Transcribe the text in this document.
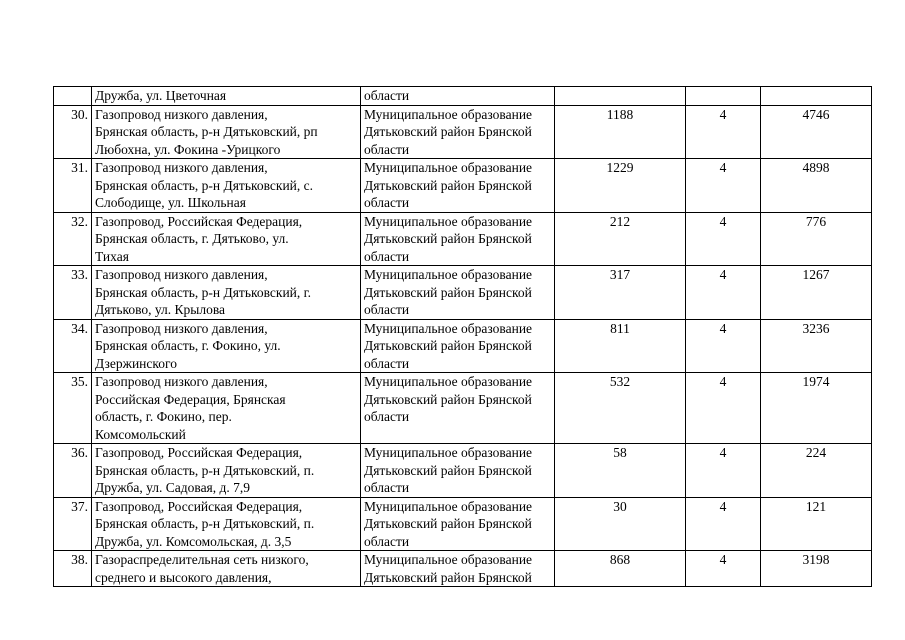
	Дружба, ул. Цветочная	области			

30.	Газопровод низкого давления,
Брянская область, р-н Дятьковский, рп
Любохна, ул. Фокина -Урицкого	Муниципальное образование
Дятьковский район Брянской
области	1188	4	4746
31.	Газопровод низкого давления,
Брянская область, р-н Дятьковский, с.
Слободище, ул. Школьная	Муниципальное образование
Дятьковский район Брянской
области	1229	4	4898
32.	Газопровод, Российская Федерация,
Брянская область, г. Дятьково, ул.
Тихая	Муниципальное образование
Дятьковский район Брянской
области	212	4	776
33.	Газопровод низкого давления,
Брянская область, р-н Дятьковский, г.
Дятьково, ул. Крылова	Муниципальное образование
Дятьковский район Брянской
области	317	4	1267
34.	Газопровод низкого давления,
Брянская область, г. Фокино, ул.
Дзержинского	Муниципальное образование
Дятьковский район Брянской
области	811	4	3236
35.	Газопровод низкого давления,
Российская Федерация, Брянская
область, г. Фокино, пер.
Комсомольский	Муниципальное образование
Дятьковский район Брянской
области	532	4	1974
36.	Газопровод, Российская Федерация,
Брянская область, р-н Дятьковский, п.
Дружба, ул. Садовая, д. 7,9	Муниципальное образование
Дятьковский район Брянской
области	58	4	224
37.	Газопровод, Российская Федерация,
Брянская область, р-н Дятьковский, п.
Дружба, ул. Комсомольская, д. 3,5	Муниципальное образование
Дятьковский район Брянской
области	30	4	121
38.	Газораспределительная сеть низкого,
среднего и высокого давления,	Муниципальное образование
Дятьковский район Брянской	868	4	3198
